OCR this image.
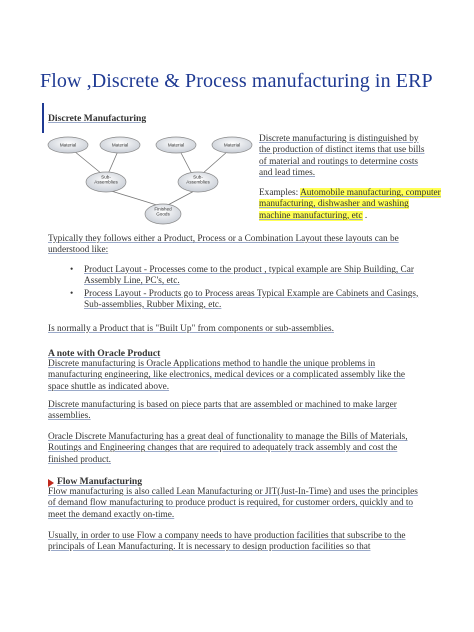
Flow ,Discrete & Process manufacturing in ERP
Discrete Manufacturing
Material	Material	Material	Material
Sub-Assemblies
Sub-Assemblies
Finished Goods
Discrete manufacturing is distinguished by the production of distinct items that use bills of material and routings to determine costs and lead times.
Examples: Automobile manufacturing, computer manufacturing, dishwasher and washing machine manufacturing, etc .
Typically they follows either a Product, Process or a Combination Layout these layouts can be understood like:
• Product Layout - Processes come to the product , typical example are Ship Building, Car Assembly Line, PC's, etc.
• Process Layout - Products go to Process areas Typical Example are Cabinets and Casings, Sub-assemblies, Rubber Mixing, etc.
Is normally a Product that is "Built Up" from components or sub-assemblies.
A note with Oracle Product
Discrete manufacturing is Oracle Applications method to handle the unique problems in manufacturing engineering, like electronics, medical devices or a complicated assembly like the space shuttle as indicated above.
Discrete manufacturing is based on piece parts that are assembled or machined to make larger assemblies.
Oracle Discrete Manufacturing has a great deal of functionality to manage the Bills of Materials, Routings and Engineering changes that are required to adequately track assembly and cost the finished product.
Flow Manufacturing
Flow manufacturing is also called Lean Manufacturing or JIT(Just-In-Time) and uses the principles of demand flow manufacturing to produce product is required, for customer orders, quickly and to meet the demand exactly on-time.
Usually, in order to use Flow a company needs to have production facilities that subscribe to the principals of Lean Manufacturing. It is necessary to design production facilities so that
